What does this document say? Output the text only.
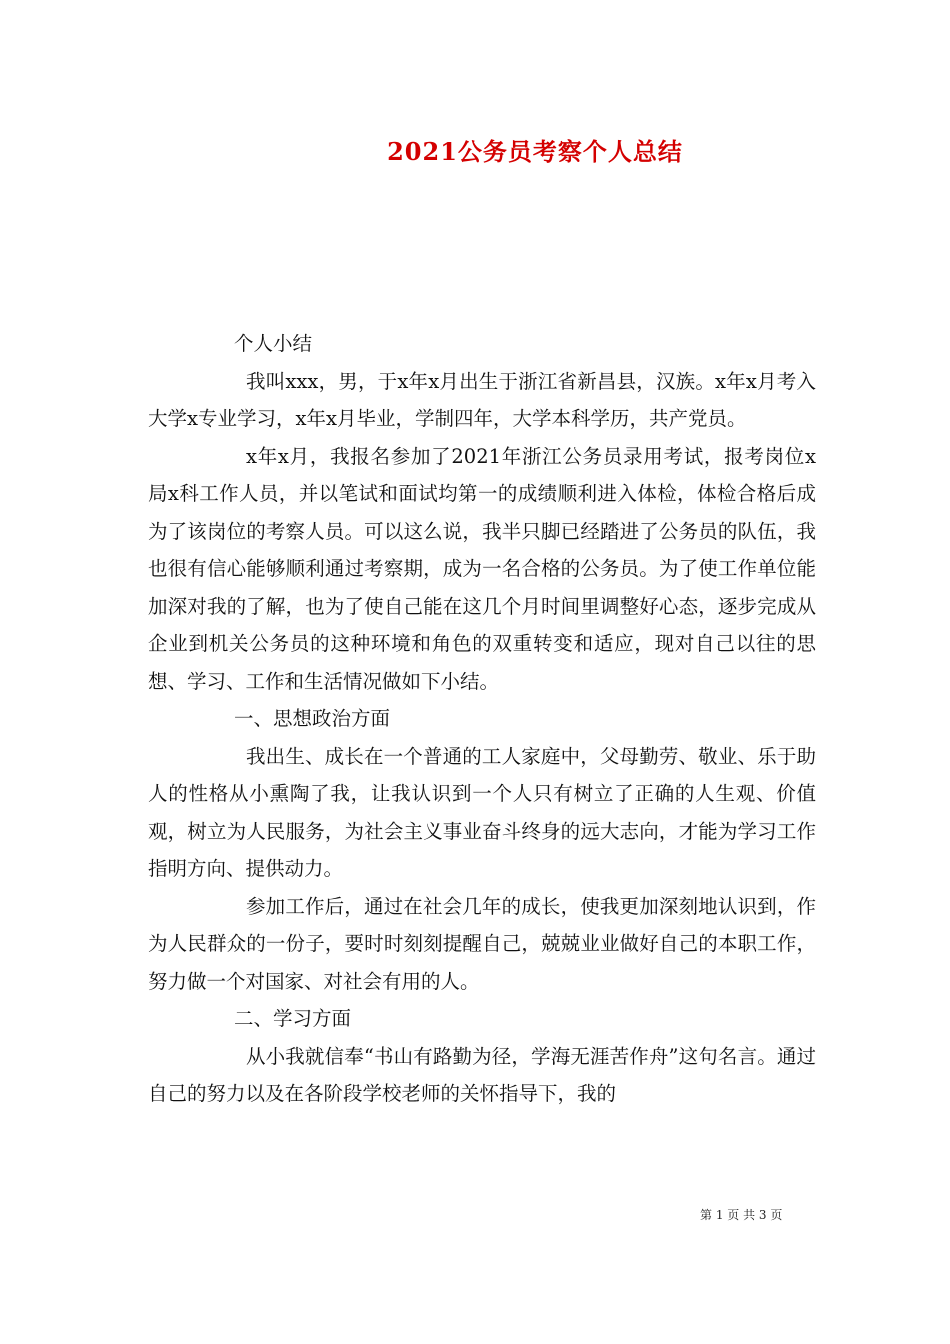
2021公务员考察个人总结

个人小结

我叫xxx，男，于x年x月出生于浙江省新昌县，汉族。x年x月考入大学x专业学习，x年x月毕业，学制四年，大学本科学历，共产党员。

x年x月，我报名参加了2021年浙江公务员录用考试，报考岗位x局x科工作人员，并以笔试和面试均第一的成绩顺利进入体检，体检合格后成为了该岗位的考察人员。可以这么说，我半只脚已经踏进了公务员的队伍，我也很有信心能够顺利通过考察期，成为一名合格的公务员。为了使工作单位能加深对我的了解，也为了使自己能在这几个月时间里调整好心态，逐步完成从企业到机关公务员的这种环境和角色的双重转变和适应，现对自己以往的思想、学习、工作和生活情况做如下小结。

一、思想政治方面

我出生、成长在一个普通的工人家庭中，父母勤劳、敬业、乐于助人的性格从小熏陶了我，让我认识到一个人只有树立了正确的人生观、价值观，树立为人民服务，为社会主义事业奋斗终身的远大志向，才能为学习工作指明方向、提供动力。

参加工作后，通过在社会几年的成长，使我更加深刻地认识到，作为人民群众的一份子，要时时刻刻提醒自己，兢兢业业做好自己的本职工作，努力做一个对国家、对社会有用的人。

二、学习方面

从小我就信奉“书山有路勤为径，学海无涯苦作舟”这句名言。通过自己的努力以及在各阶段学校老师的关怀指导下，我的

第 1 页 共 3 页
